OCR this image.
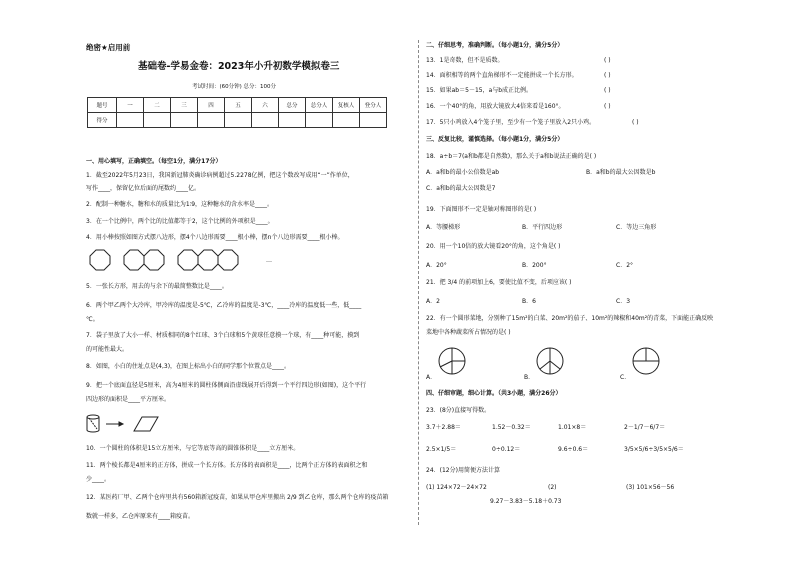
绝密★启用前
基础卷-学易金卷：2023年小升初数学模拟卷三
考试时间：(60分钟) 总分：100分
题号	一	二	三	四	五	六	总分	总分人	复核人	登分人
得分										
一、用心填写，正确填空。（每空1分，满分17分）
1．截至2022年5月23日，我国新冠肺炎确诊病例超过5.2278亿例，把这个数改写成用“一”作单位，
写作____，保留亿位后面的尾数约____亿。
2．配制一种糖水，糖和水的质量比为1∶9，这种糖水的含水率是____。
3．在一个比例中，两个比的比值都等于2，这个比例的外项积是____。
4．用小棒按照如图方式摆八边形，摆4个八边形需要____根小棒，摆n个八边形需要____根小棒。
…
5．一张长方形，用去的与余下的最简整数比是____。
6．两个甲乙两个大冷库，甲冷库的温度是-5℃，乙冷库的温度是-3℃，____冷库的温度低一些，低____
℃。
7．袋子里放了大小一样、材质相同的8个红球、3个白球和5个黄球任意摸一个球，有____种可能，摸到
的可能性最大。
8．如图，小白的住址点是(4,3)，在图上标出小白的同学那个位置点是____。
9．把一个底面直径是5厘米，高为4厘米的圆柱体侧面沿虚线展开后得到一个平行四边形(如图)，这个平行
四边形的面积是____平方厘米。
10．一个圆柱的体积是15立方厘米，与它等底等高的圆锥体积是____立方厘米。
11．两个棱长都是4厘米的正方体，拼成一个长方体。长方体的表面积是____，比两个正方体的表面积之和
少____。
12．某医药厂甲、乙两个仓库里共有560箱新冠疫苗，如果从甲仓库里搬出 2/9 到乙仓库，那么两个仓库的疫苗箱
数就一样多，乙仓库原来有____箱疫苗。
二、仔细思考，准确判断。（每小题1分，满分5分）
13．1是奇数，但不是质数。	( )
14．面积相等的两个直角梯形不一定能拼成一个长方形。	( )
15．如果ab＝5－15，a与b成正比例。	( )
16．一个40°的角，用放大镜放大4倍来看是160°。	( )
17．5只小鸡放入4个笼子里，至少有一个笼子里放入2只小鸡。	( )
三、反复比较，谨慎选择。（每小题1分，满分5分）
18．a÷b＝7(a和b都是自然数)，那么关于a和b说法正确的是( )
A．a和b的最小公倍数是ab	B．a和b的最大公因数是b
C．a和b的最大公因数是7
19．下面图形不一定是轴对称图形的是( )
A．等腰梯形	B．平行四边形	C．等边三角形
20．用一个10倍的放大镜看20°的角，这个角是( )
A．20°	B．200°	C．2°
21．把 3/4 的前项加上6，要使比值不变，后项应该( )
A．2	B．6	C．3
22．有一个圆形菜地，分别种了15m²的白菜、20m²的茄子、10m²的辣椒和40m²的青菜，下面能正确反映
菜地中各种蔬菜所占情况的是( )
A．	B．	C．
四、仔细审题，细心计算。（共3小题，满分26分）
23．(8分)直接写得数。
3.7＋2.88＝	1.52－0.32＝	1.01×8＝	2－1/7－6/7＝
2.5×1/5＝	0÷0.12＝	9.6÷0.6＝	3/5×5/6÷3/5×5/6＝
24．(12分)用简便方法计算
(1) 124×72－24×72	(2)	(3) 101×56－56
9.27－3.83－5.18＋0.73
